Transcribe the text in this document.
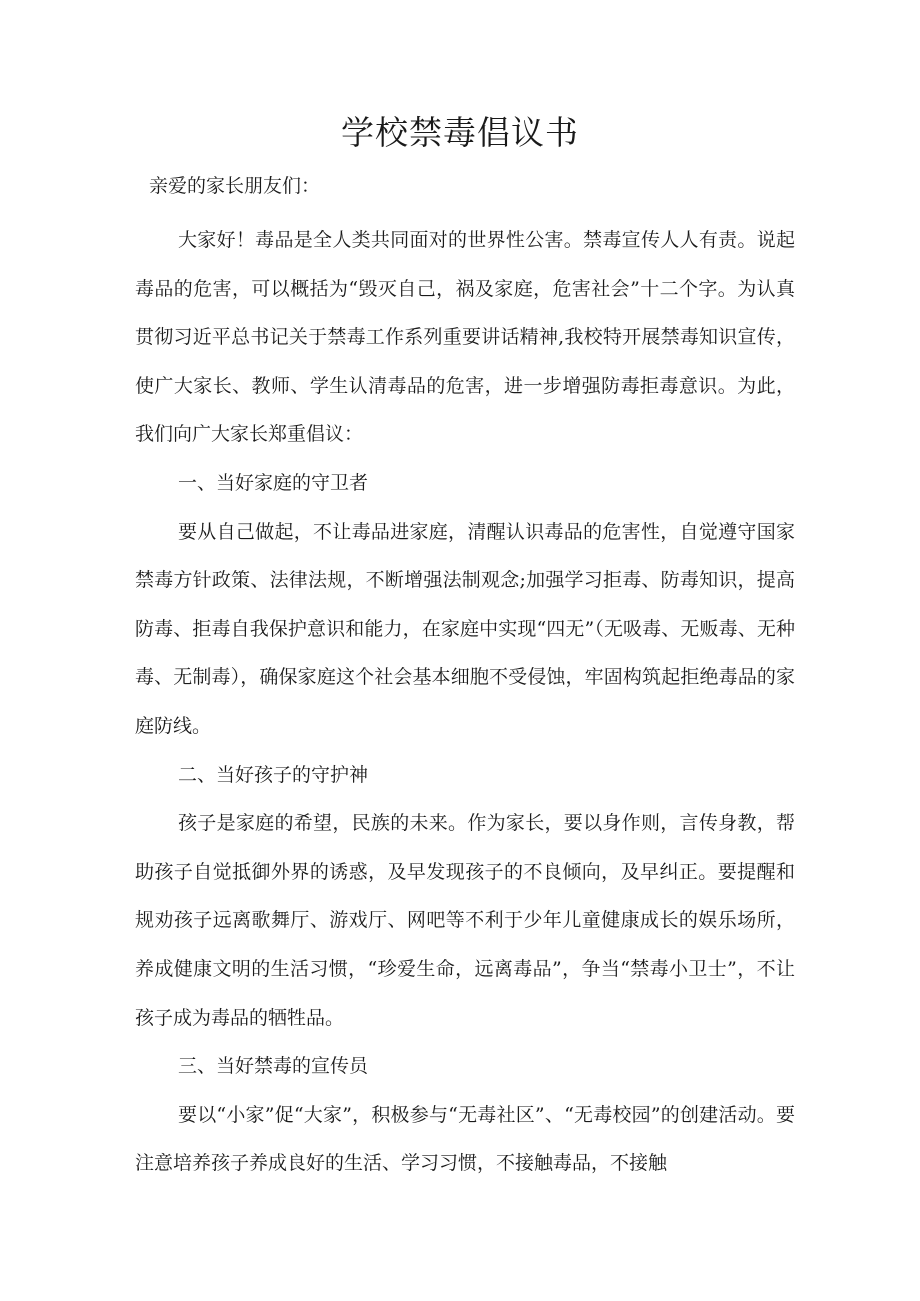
学校禁毒倡议书

亲爱的家长朋友们：

大家好！毒品是全人类共同面对的世界性公害。禁毒宣传人人有责。说起毒品的危害，可以概括为“毁灭自己，祸及家庭，危害社会”十二个字。为认真贯彻习近平总书记关于禁毒工作系列重要讲话精神,我校特开展禁毒知识宣传，使广大家长、教师、学生认清毒品的危害，进一步增强防毒拒毒意识。为此，我们向广大家长郑重倡议：

一、当好家庭的守卫者

要从自己做起，不让毒品进家庭，清醒认识毒品的危害性，自觉遵守国家禁毒方针政策、法律法规，不断增强法制观念;加强学习拒毒、防毒知识，提高防毒、拒毒自我保护意识和能力，在家庭中实现“四无”（无吸毒、无贩毒、无种毒、无制毒），确保家庭这个社会基本细胞不受侵蚀，牢固构筑起拒绝毒品的家庭防线。

二、当好孩子的守护神

孩子是家庭的希望，民族的未来。作为家长，要以身作则，言传身教，帮助孩子自觉抵御外界的诱惑，及早发现孩子的不良倾向，及早纠正。要提醒和规劝孩子远离歌舞厅、游戏厅、网吧等不利于少年儿童健康成长的娱乐场所，养成健康文明的生活习惯，“珍爱生命，远离毒品”，争当“禁毒小卫士”，不让孩子成为毒品的牺牲品。

三、当好禁毒的宣传员

要以“小家”促“大家”，积极参与“无毒社区”、“无毒校园”的创建活动。要注意培养孩子养成良好的生活、学习习惯，不接触毒品，不接触
